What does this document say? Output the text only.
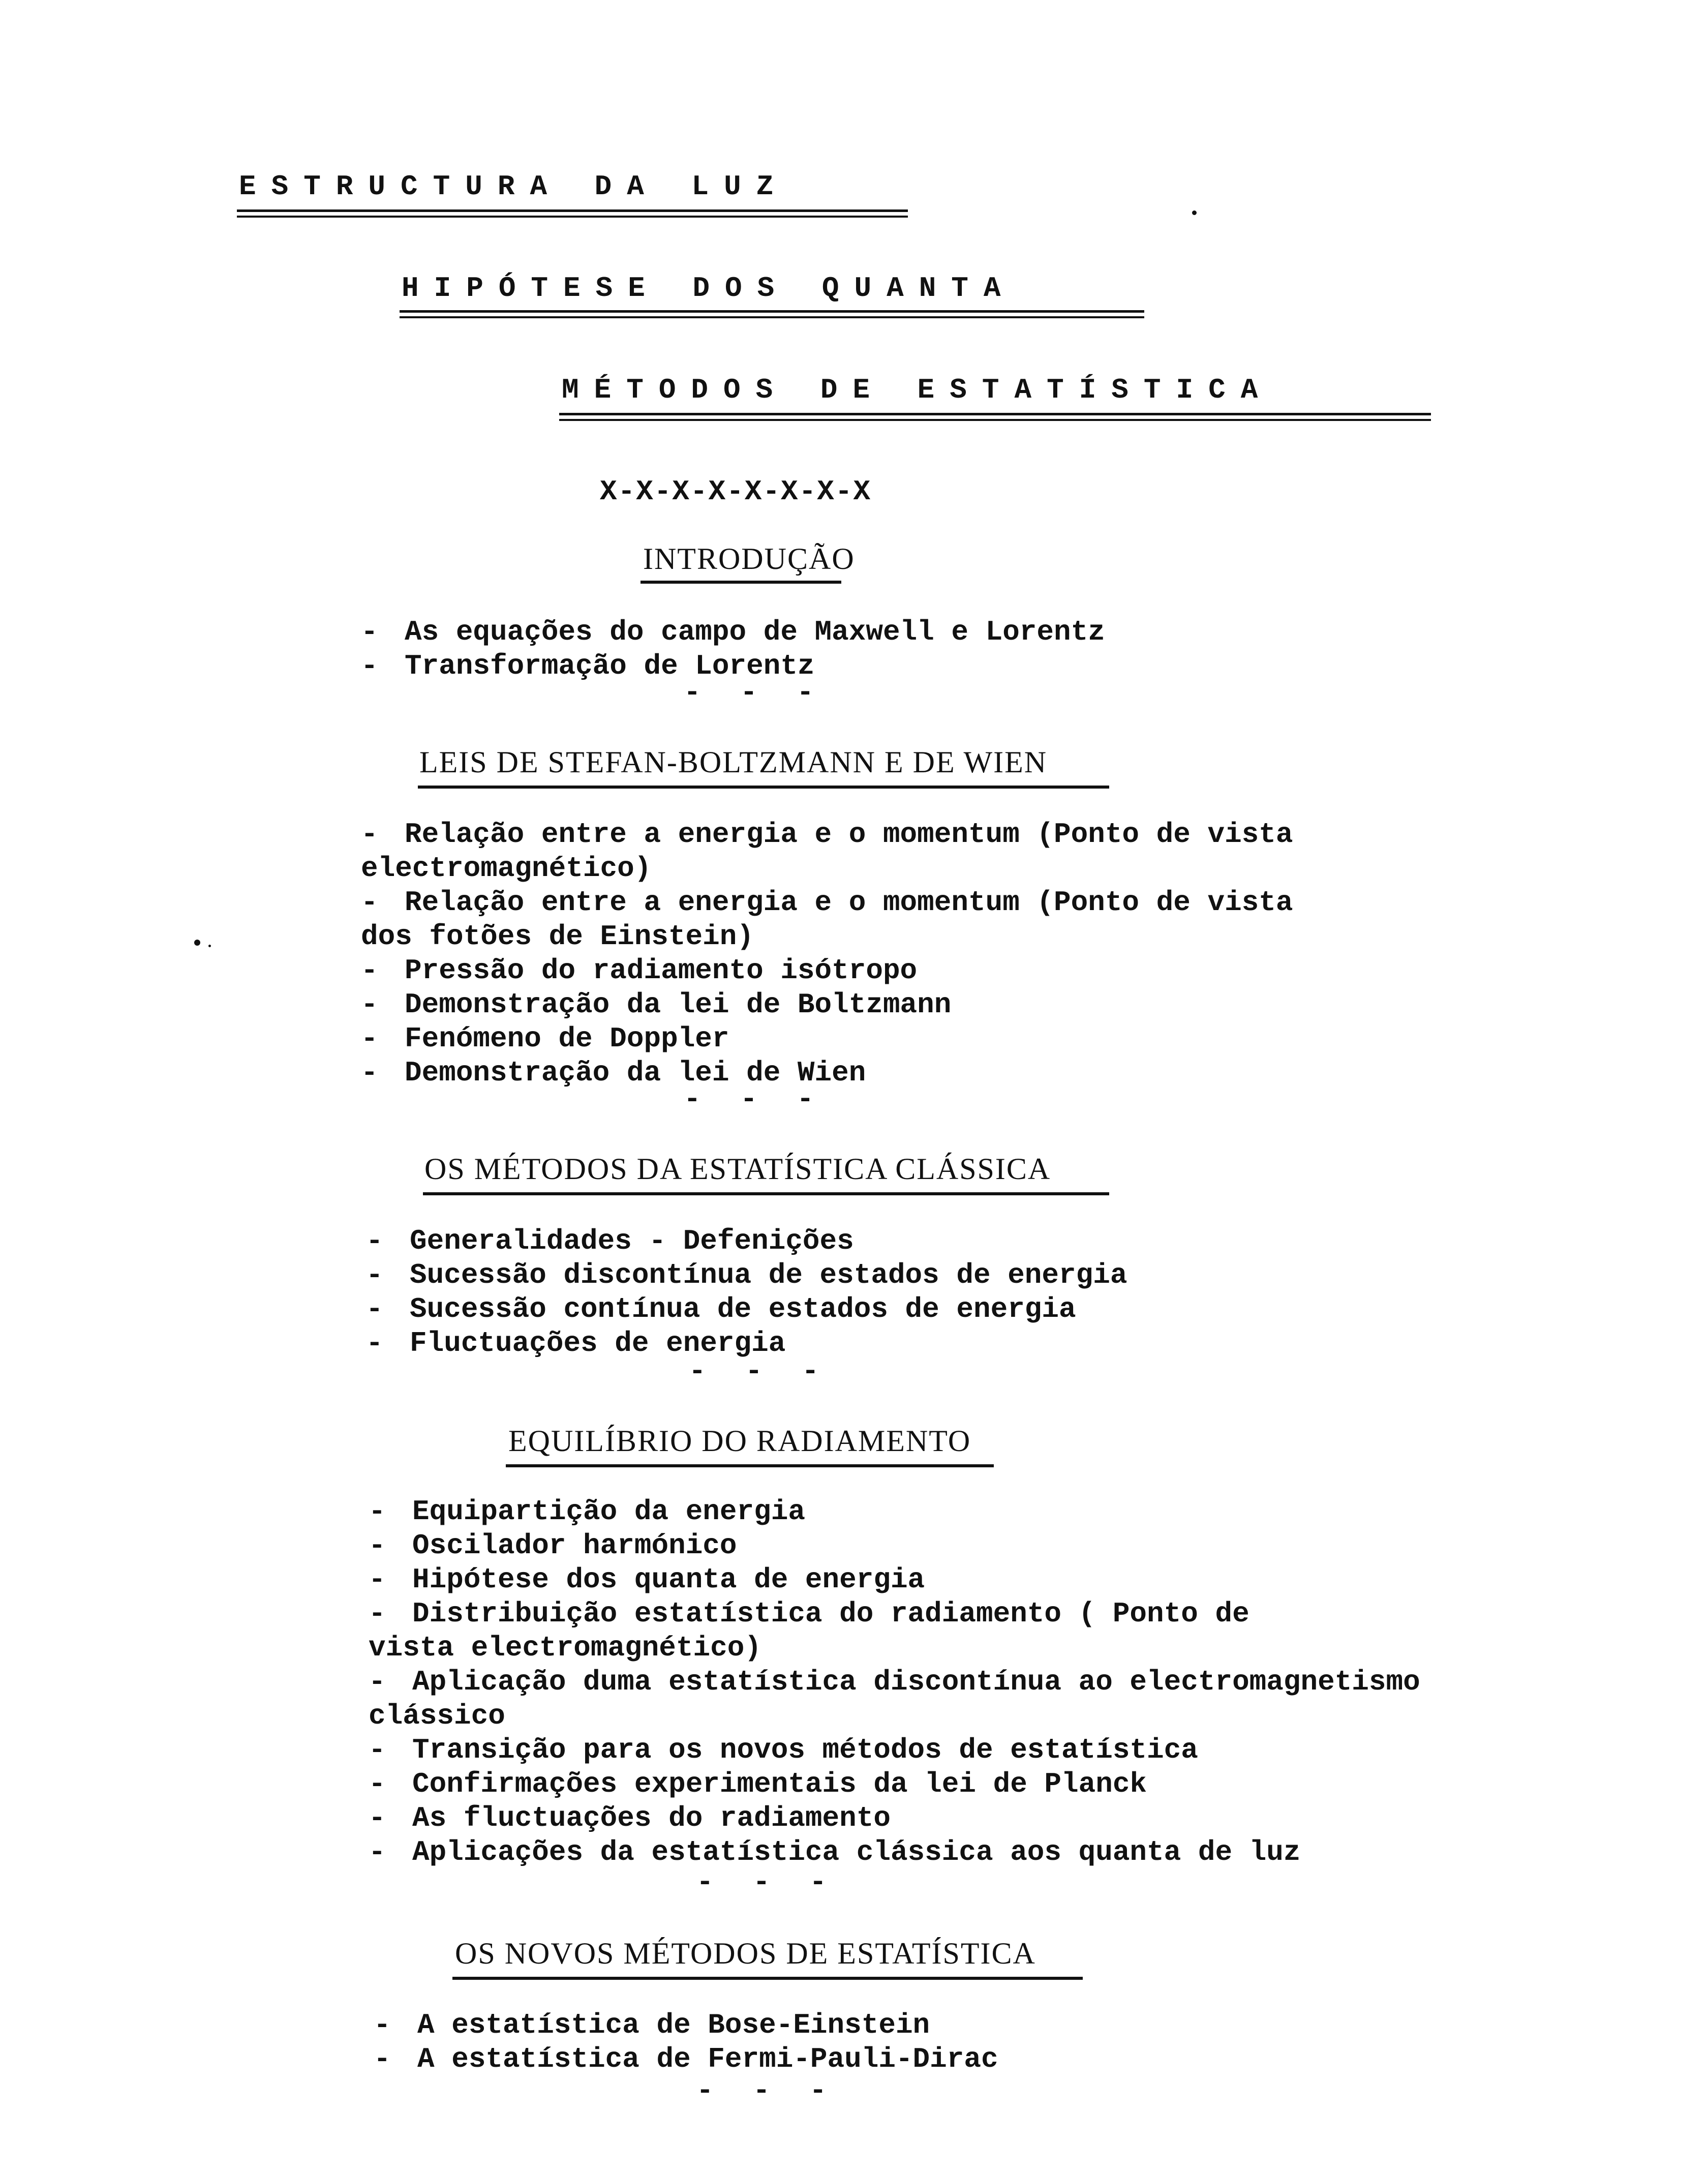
ESTRUCTURA DA LUZ
HIPÓTESE DOS QUANTA
MÉTODOS DE ESTATÍSTICA
X-X-X-X-X-X-X-X
INTRODUÇÃO
- As equações do campo de Maxwell e Lorentz
- Transformação de Lorentz
- - -
LEIS DE STEFAN-BOLTZMANN E DE WIEN
- Relação entre a energia e o momentum (Ponto de vista
electromagnético)
- Relação entre a energia e o momentum (Ponto de vista
dos fotões de Einstein)
- Pressão do radiamento isótropo
- Demonstração da lei de Boltzmann
- Fenómeno de Doppler
- Demonstração da lei de Wien
- - -
OS MÉTODOS DA ESTATÍSTICA CLÁSSICA
- Generalidades - Defenições
- Sucessão discontínua de estados de energia
- Sucessão contínua de estados de energia
- Fluctuações de energia
- - -
EQUILÍBRIO DO RADIAMENTO
- Equipartição da energia
- Oscilador harmónico
- Hipótese dos quanta de energia
- Distribuição estatística do radiamento ( Ponto de
vista electromagnético)
- Aplicação duma estatística discontínua ao electromagnetismo
clássico
- Transição para os novos métodos de estatística
- Confirmações experimentais da lei de Planck
- As fluctuações do radiamento
- Aplicações da estatística clássica aos quanta de luz
- - -
OS NOVOS MÉTODOS DE ESTATÍSTICA
- A estatística de Bose-Einstein
- A estatística de Fermi-Pauli-Dirac
- - -
